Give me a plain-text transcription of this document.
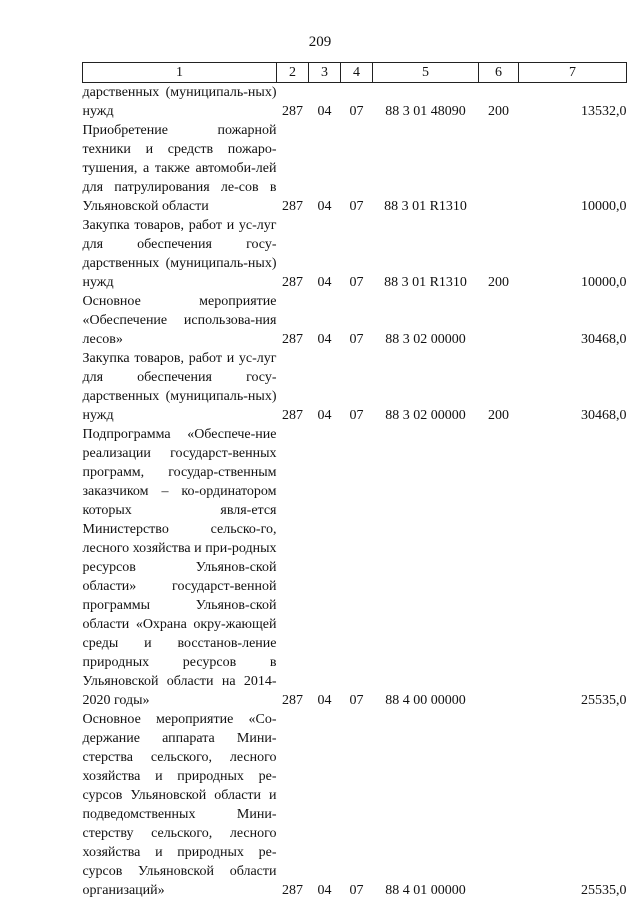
209
1	2	3	4	5	6	7
дарственных (муниципаль-ных) нужд	287	04	07	88 3 01 48090	200	13532,0
Приобретение пожарной техники и средств пожаро-тушения, а также автомоби-лей для патрулирования ле-сов в Ульяновской области	287	04	07	88 3 01 R1310		10000,0
Закупка товаров, работ и ус-луг для обеспечения госу-дарственных (муниципаль-ных) нужд	287	04	07	88 3 01 R1310	200	10000,0
Основное мероприятие «Обеспечение использова-ния лесов»	287	04	07	88 3 02 00000		30468,0
Закупка товаров, работ и ус-луг для обеспечения госу-дарственных (муниципаль-ных) нужд	287	04	07	88 3 02 00000	200	30468,0
Подпрограмма «Обеспече-ние реализации государст-венных программ, государ-ственным заказчиком – ко-ординатором которых явля-ется Министерство сельско-го, лесного хозяйства и при-родных ресурсов Ульянов-ской области» государст-венной программы Ульянов-ской области «Охрана окру-жающей среды и восстанов-ление природных ресурсов в Ульяновской области на 2014-2020 годы»	287	04	07	88 4 00 00000		25535,0
Основное мероприятие «Со-держание аппарата Мини-стерства сельского, лесного хозяйства и природных ре-сурсов Ульяновской области и подведомственных Мини-стерству сельского, лесного хозяйства и природных ре-сурсов Ульяновской области организаций»	287	04	07	88 4 01 00000		25535,0
